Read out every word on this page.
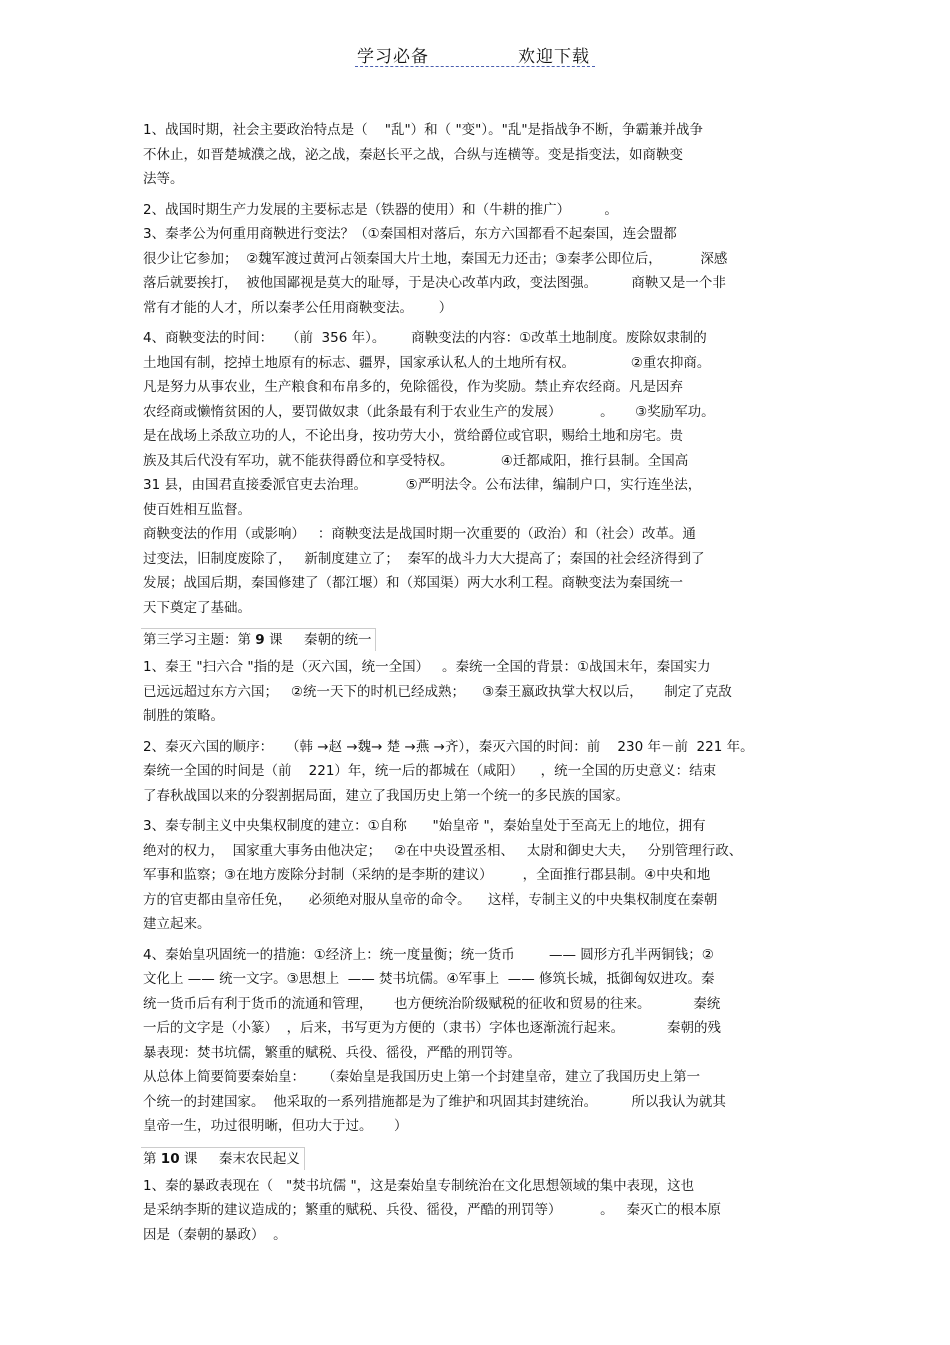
学习必备	欢迎下载
1、战国时期，社会主要政治特点是（    "乱"）和（ "变"）。"乱"是指战争不断，争霸兼并战争
不休止，如晋楚城濮之战，泌之战，秦赵长平之战，合纵与连横等。变是指变法，如商鞅变
法等。
2、战国时期生产力发展的主要标志是（铁器的使用）和（牛耕的推广）        。
3、秦孝公为何重用商鞅进行变法？（①秦国相对落后，东方六国都看不起秦国，连会盟都
很少让它参加；  ②魏军渡过黄河占领秦国大片土地，秦国无力还击；③秦孝公即位后，         深感
落后就要挨打，  被他国鄙视是莫大的耻辱，于是决心改革内政，变法图强。        商鞅又是一个非
常有才能的人才，所以秦孝公任用商鞅变法。      ）
4、商鞅变法的时间：   （前  356 年）。      商鞅变法的内容：①改革土地制度。废除奴隶制的
土地国有制，挖掉土地原有的标志、疆界，国家承认私人的土地所有权。             ②重农抑商。
凡是努力从事农业，生产粮食和布帛多的，免除徭役，作为奖励。禁止弃农经商。凡是因弃
农经商或懒惰贫困的人，要罚做奴隶（此条最有利于农业生产的发展）         。     ③奖励军功。
是在战场上杀敌立功的人，不论出身，按功劳大小，赏给爵位或官职，赐给土地和房宅。贵
族及其后代没有军功，就不能获得爵位和享受特权。           ④迁都咸阳，推行县制。全国高
31 县，由国君直接委派官吏去治理。         ⑤严明法令。公布法律，编制户口，实行连坐法，
使百姓相互监督。
商鞅变法的作用（或影响）   ：商鞅变法是战国时期一次重要的（政治）和（社会）改革。通
过变法，旧制度废除了，   新制度建立了；  秦军的战斗力大大提高了；秦国的社会经济得到了
发展；战国后期，秦国修建了（都江堰）和（郑国渠）两大水利工程。商鞅变法为秦国统一
天下奠定了基础。
第三学习主题：第 9 课     秦朝的统一
1、秦王 "扫六合 "指的是（灭六国，统一全国）   。秦统一全国的背景：①战国末年，秦国实力
已远远超过东方六国；   ②统一天下的时机已经成熟；    ③秦王嬴政执掌大权以后，     制定了克敌
制胜的策略。
2、秦灭六国的顺序：   （韩 →赵 →魏→ 楚 →燕 →齐），秦灭六国的时间：前    230 年－前  221 年。
秦统一全国的时间是（前    221）年，统一后的都城在（咸阳）    ，统一全国的历史意义：结束
了春秋战国以来的分裂割据局面，建立了我国历史上第一个统一的多民族的国家。
3、秦专制主义中央集权制度的建立：①自称      "始皇帝 "，秦始皇处于至高无上的地位，拥有
绝对的权力，  国家重大事务由他决定；   ②在中央设置丞相、   太尉和御史大夫，   分别管理行政、
军事和监察；③在地方废除分封制（采纳的是李斯的建议）       ，全面推行郡县制。④中央和地
方的官吏都由皇帝任免，    必须绝对服从皇帝的命令。    这样，专制主义的中央集权制度在秦朝
建立起来。
4、秦始皇巩固统一的措施：①经济上：统一度量衡；统一货币        —— 圆形方孔半两铜钱；②
文化上 —— 统一文字。③思想上  —— 焚书坑儒。④军事上  —— 修筑长城，抵御匈奴进攻。秦
统一货币后有利于货币的流通和管理，     也方便统治阶级赋税的征收和贸易的往来。          秦统
一后的文字是（小篆）  ，后来，书写更为方便的（隶书）字体也逐渐流行起来。          秦朝的残
暴表现：焚书坑儒，繁重的赋税、兵役、徭役，严酷的刑罚等。
从总体上简要简要秦始皇：    （秦始皇是我国历史上第一个封建皇帝，建立了我国历史上第一
个统一的封建国家。  他采取的一系列措施都是为了维护和巩固其封建统治。        所以我认为就其
皇帝一生，功过很明晰，但功大于过。     ）
第 10 课     秦末农民起义
1、秦的暴政表现在（   "焚书坑儒 "，这是秦始皇专制统治在文化思想领域的集中表现，这也
是采纳李斯的建议造成的；繁重的赋税、兵役、徭役，严酷的刑罚等）         。   秦灭亡的根本原
因是（秦朝的暴政）  。
